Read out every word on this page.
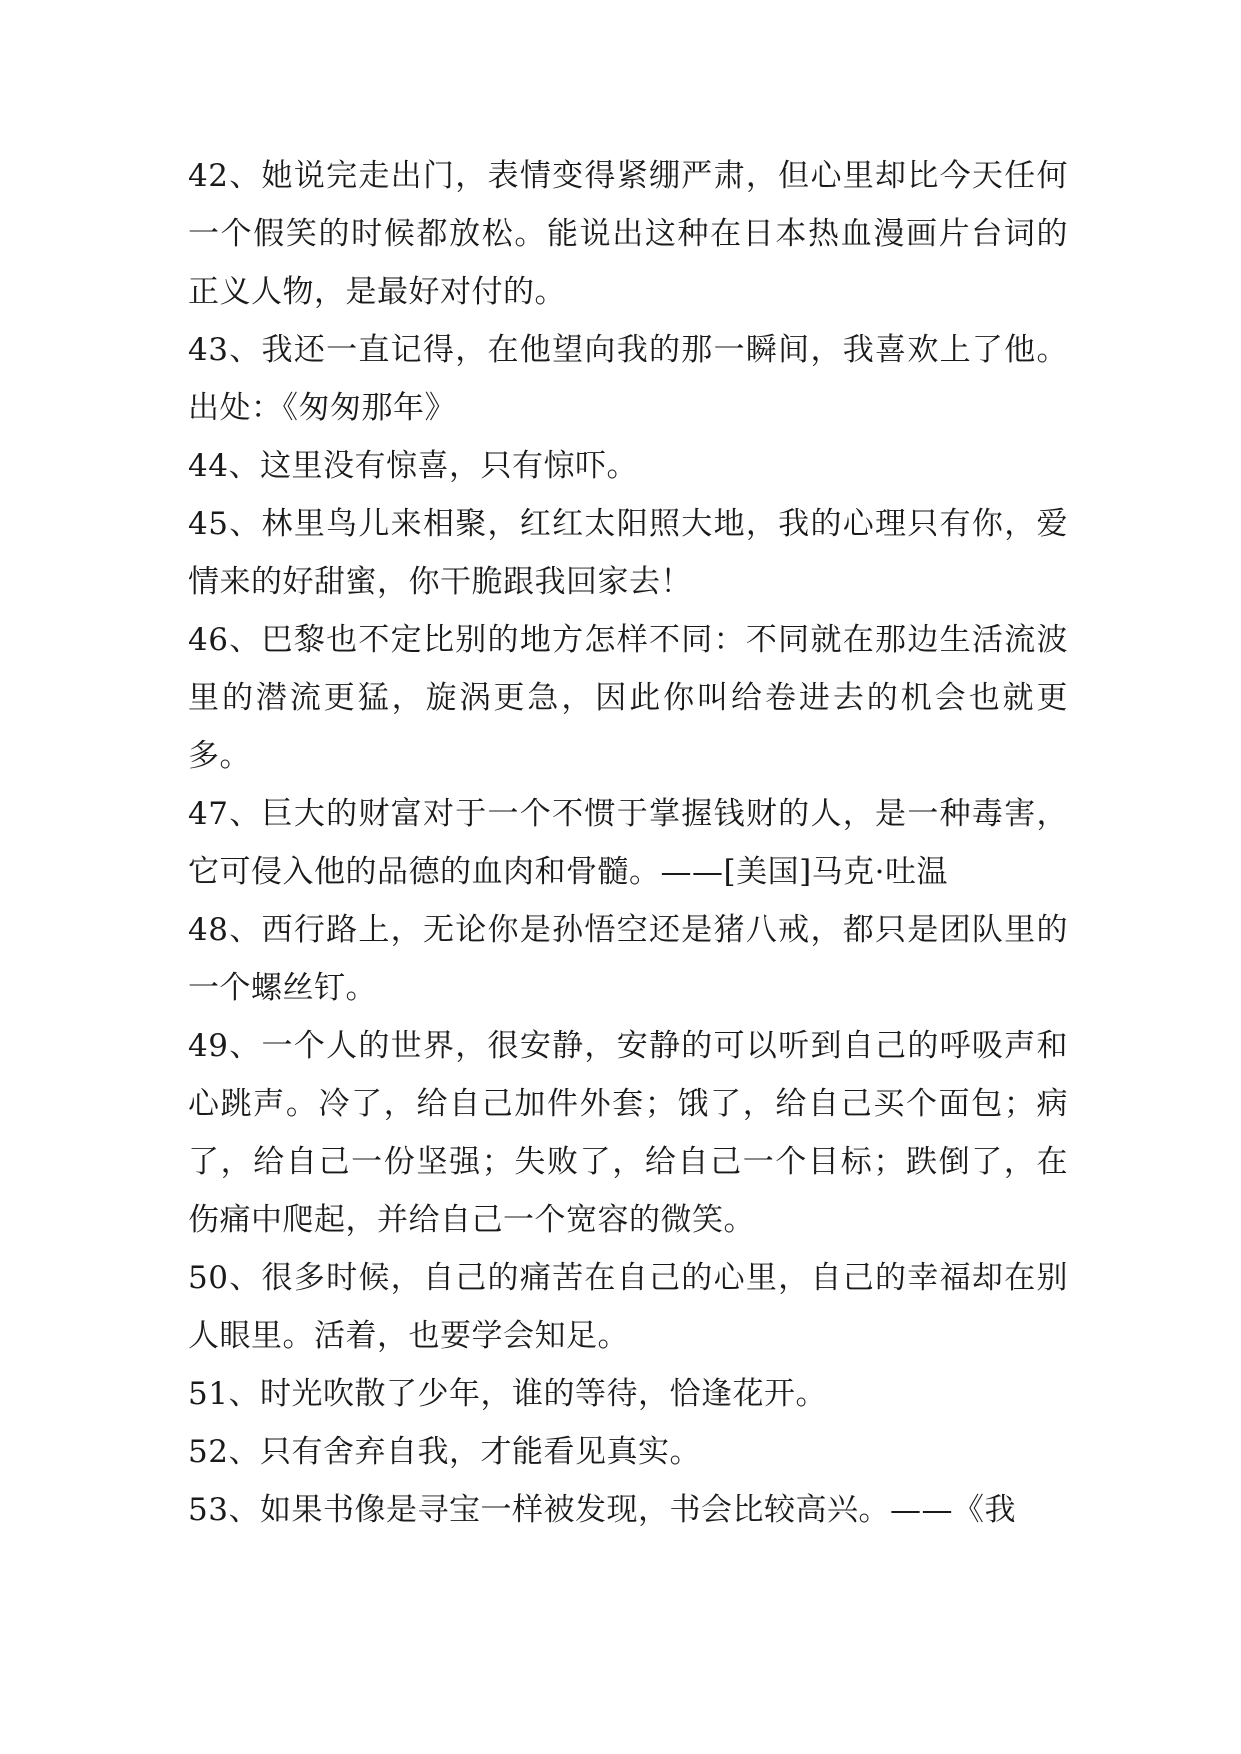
42、她说完走出门，表情变得紧绷严肃，但心里却比今天任何一个假笑的时候都放松。能说出这种在日本热血漫画片台词的正义人物，是最好对付的。

43、我还一直记得，在他望向我的那一瞬间，我喜欢上了他。出处：《匆匆那年》

44、这里没有惊喜，只有惊吓。

45、林里鸟儿来相聚，红红太阳照大地，我的心理只有你，爱情来的好甜蜜，你干脆跟我回家去！

46、巴黎也不定比别的地方怎样不同：不同就在那边生活流波里的潜流更猛，旋涡更急，因此你叫给卷进去的机会也就更多。

47、巨大的财富对于一个不惯于掌握钱财的人，是一种毒害，它可侵入他的品德的血肉和骨髓。——[美国]马克·吐温

48、西行路上，无论你是孙悟空还是猪八戒，都只是团队里的一个螺丝钉。

49、一个人的世界，很安静，安静的可以听到自己的呼吸声和心跳声。冷了，给自己加件外套；饿了，给自己买个面包；病了，给自己一份坚强；失败了，给自己一个目标；跌倒了，在伤痛中爬起，并给自己一个宽容的微笑。

50、很多时候，自己的痛苦在自己的心里，自己的幸福却在别人眼里。活着，也要学会知足。

51、时光吹散了少年，谁的等待，恰逢花开。

52、只有舍弃自我，才能看见真实。

53、如果书像是寻宝一样被发现，书会比较高兴。——《我
